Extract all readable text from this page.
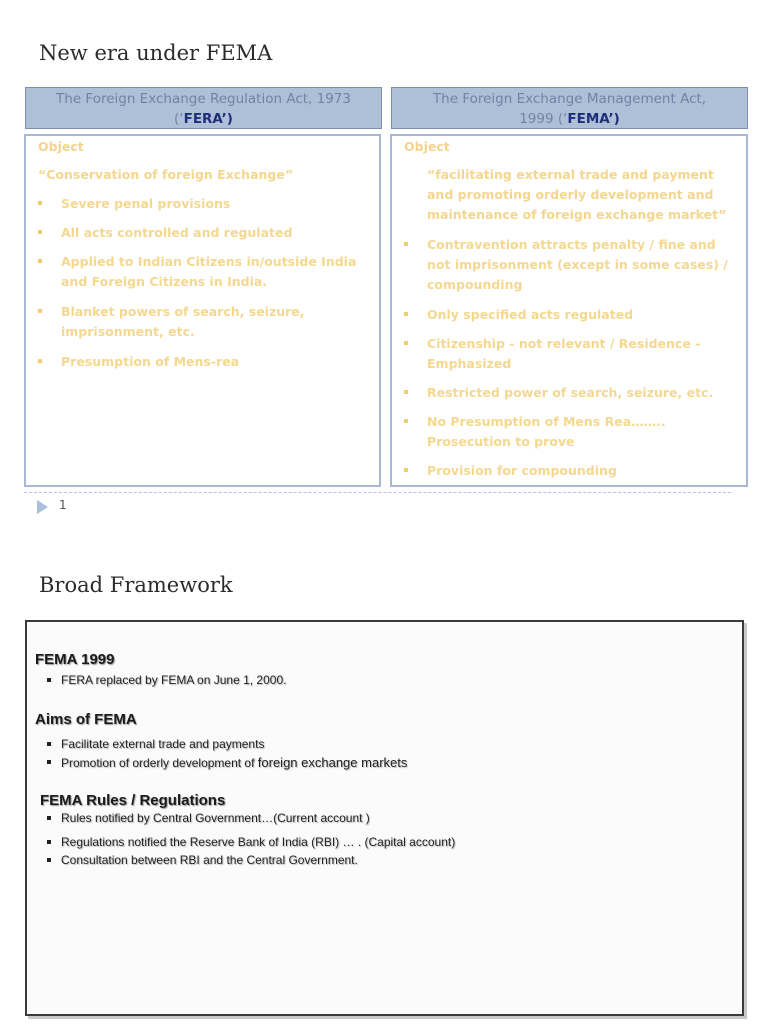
New era under FEMA
The Foreign Exchange Regulation Act, 1973
(‘FERA’)
The Foreign Exchange Management Act,
1999 (‘FEMA’)
Object
“Conservation of foreign Exchange”
Severe penal provisions
All acts controlled and regulated
Applied to Indian Citizens in/outside India
and Foreign Citizens in India.
Blanket powers of search, seizure,
imprisonment, etc.
Presumption of Mens-rea
Object
“facilitating external trade and payment
and promoting orderly development and
maintenance of foreign exchange market”
Contravention attracts penalty / fine and
not imprisonment (except in some cases) /
compounding
Only specified acts regulated
Citizenship - not relevant / Residence -
Emphasized
Restricted power of search, seizure, etc.
No Presumption of Mens Rea……..
Prosecution to prove
Provision for compounding
1
Broad Framework
FEMA 1999
FERA replaced by FEMA on June 1, 2000.
Aims of FEMA
Facilitate external trade and payments
Promotion of orderly development of foreign exchange markets
FEMA Rules / Regulations
Rules notified by Central Government…(Current account )
Regulations notified the Reserve Bank of India (RBI) … . (Capital account)
Consultation between RBI and the Central Government.
